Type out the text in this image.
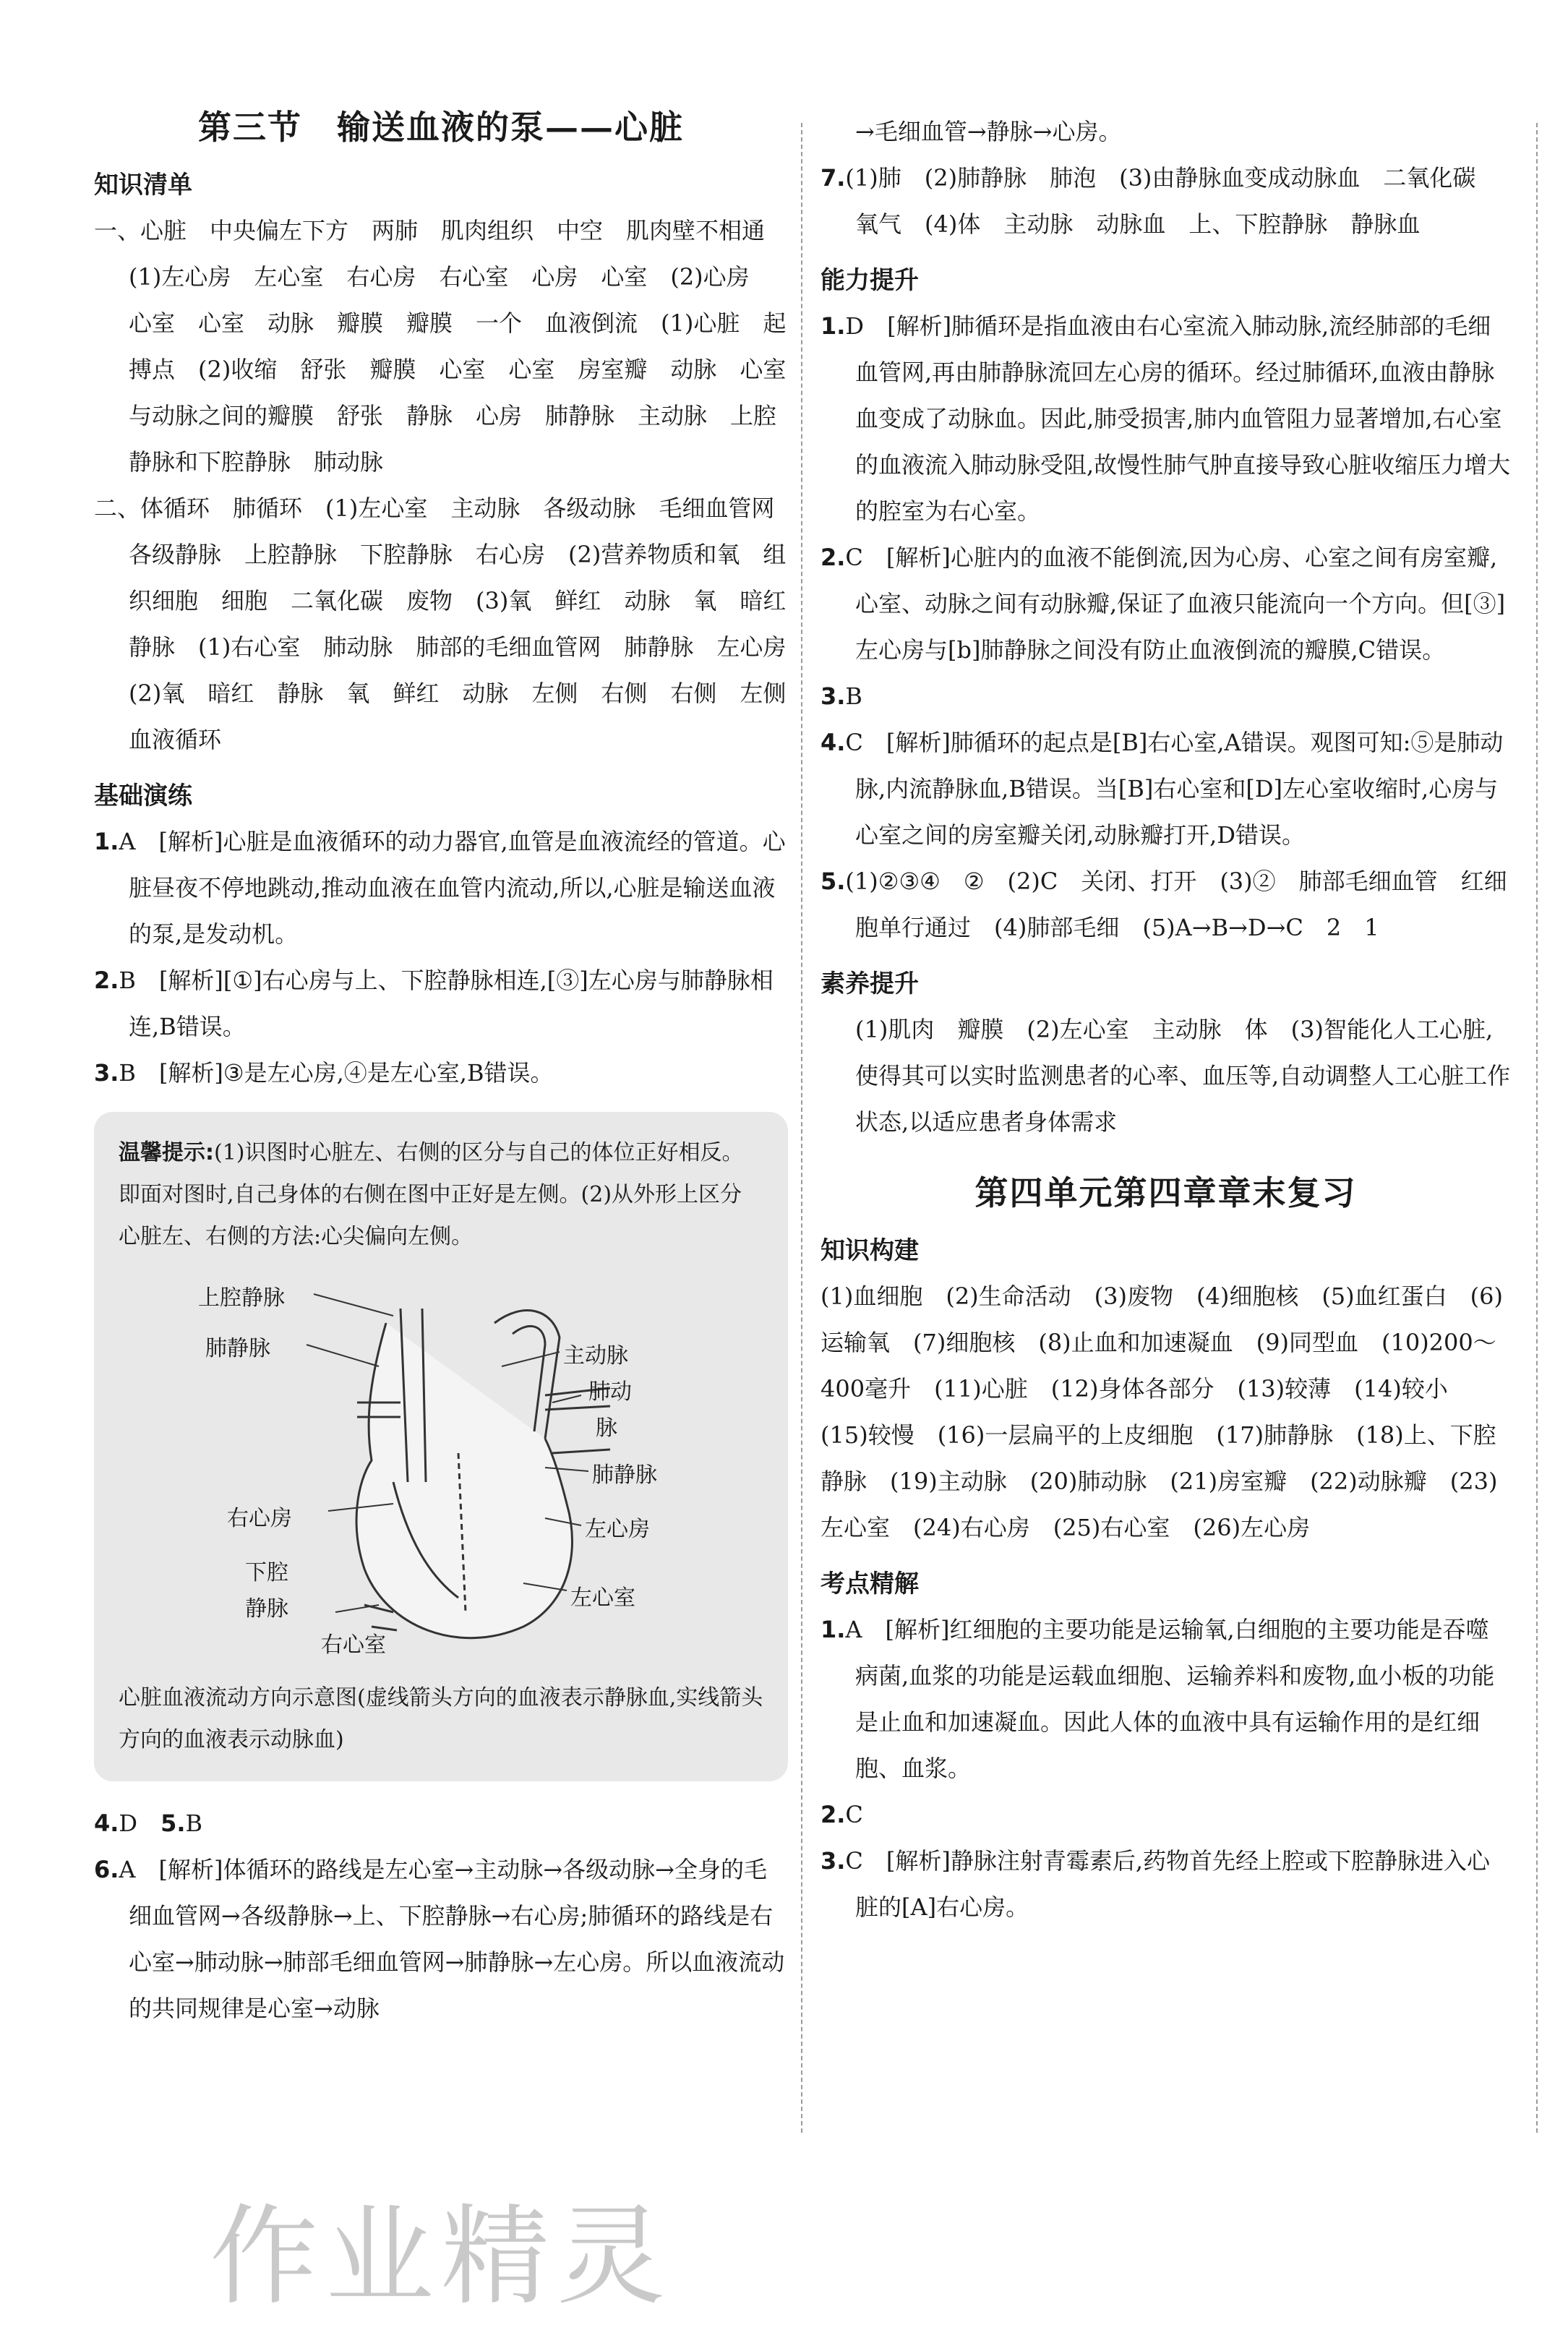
第三节　输送血液的泵——心脏
知识清单

一、心脏　中央偏左下方　两肺　肌肉组织　中空　肌肉壁不相通　(1)左心房　左心室　右心房　右心室　心房　心室　(2)心房　心室　心室　动脉　瓣膜　瓣膜　一个　血液倒流　(1)心脏　起搏点　(2)收缩　舒张　瓣膜　心室　心室　房室瓣　动脉　心室与动脉之间的瓣膜　舒张　静脉　心房　肺静脉　主动脉　上腔静脉和下腔静脉　肺动脉

二、体循环　肺循环　(1)左心室　主动脉　各级动脉　毛细血管网　各级静脉　上腔静脉　下腔静脉　右心房　(2)营养物质和氧　组织细胞　细胞　二氧化碳　废物　(3)氧　鲜红　动脉　氧　暗红　静脉　(1)右心室　肺动脉　肺部的毛细血管网　肺静脉　左心房　(2)氧　暗红　静脉　氧　鲜红　动脉　左侧　右侧　右侧　左侧　血液循环

基础演练

1.A　[解析]心脏是血液循环的动力器官,血管是血液流经的管道。心脏昼夜不停地跳动,推动血液在血管内流动,所以,心脏是输送血液的泵,是发动机。

2.B　[解析][①]右心房与上、下腔静脉相连,[③]左心房与肺静脉相连,B错误。

3.B　[解析]③是左心房,④是左心室,B错误。

温馨提示:(1)识图时心脏左、右侧的区分与自己的体位正好相反。即面对图时,自己身体的右侧在图中正好是左侧。(2)从外形上区分心脏左、右侧的方法:心尖偏向左侧。

上腔静脉
肺静脉	主动脉
肺动
脉
肺静脉
左心房
右心房
下腔
静脉	左心室
右心室

心脏血液流动方向示意图(虚线箭头方向的血液表示静脉血,实线箭头方向的血液表示动脉血)

4.D　5.B

6.A　[解析]体循环的路线是左心室→主动脉→各级动脉→全身的毛细血管网→各级静脉→上、下腔静脉→右心房;肺循环的路线是右心室→肺动脉→肺部毛细血管网→肺静脉→左心房。所以血液流动的共同规律是心室→动脉

→毛细血管→静脉→心房。

7.(1)肺　(2)肺静脉　肺泡　(3)由静脉血变成动脉血　二氧化碳　氧气　(4)体　主动脉　动脉血　上、下腔静脉　静脉血

能力提升

1.D　[解析]肺循环是指血液由右心室流入肺动脉,流经肺部的毛细血管网,再由肺静脉流回左心房的循环。经过肺循环,血液由静脉血变成了动脉血。因此,肺受损害,肺内血管阻力显著增加,右心室的血液流入肺动脉受阻,故慢性肺气肿直接导致心脏收缩压力增大的腔室为右心室。

2.C　[解析]心脏内的血液不能倒流,因为心房、心室之间有房室瓣,心室、动脉之间有动脉瓣,保证了血液只能流向一个方向。但[③]左心房与[b]肺静脉之间没有防止血液倒流的瓣膜,C错误。

3.B

4.C　[解析]肺循环的起点是[B]右心室,A错误。观图可知:⑤是肺动脉,内流静脉血,B错误。当[B]右心室和[D]左心室收缩时,心房与心室之间的房室瓣关闭,动脉瓣打开,D错误。

5.(1)②③④　②　(2)C　关闭、打开　(3)②　肺部毛细血管　红细胞单行通过　(4)肺部毛细　(5)A→B→D→C　2　1

素养提升

(1)肌肉　瓣膜　(2)左心室　主动脉　体　(3)智能化人工心脏,使得其可以实时监测患者的心率、血压等,自动调整人工心脏工作状态,以适应患者身体需求

第四单元第四章章末复习
知识构建

(1)血细胞　(2)生命活动　(3)废物　(4)细胞核　(5)血红蛋白　(6)运输氧　(7)细胞核　(8)止血和加速凝血　(9)同型血　(10)200～400毫升　(11)心脏　(12)身体各部分　(13)较薄　(14)较小　(15)较慢　(16)一层扁平的上皮细胞　(17)肺静脉　(18)上、下腔静脉　(19)主动脉　(20)肺动脉　(21)房室瓣　(22)动脉瓣　(23)左心室　(24)右心房　(25)右心室　(26)左心房

考点精解

1.A　[解析]红细胞的主要功能是运输氧,白细胞的主要功能是吞噬病菌,血浆的功能是运载血细胞、运输养料和废物,血小板的功能是止血和加速凝血。因此人体的血液中具有运输作用的是红细胞、血浆。

2.C

3.C　[解析]静脉注射青霉素后,药物首先经上腔或下腔静脉进入心脏的[A]右心房。

作业精灵
